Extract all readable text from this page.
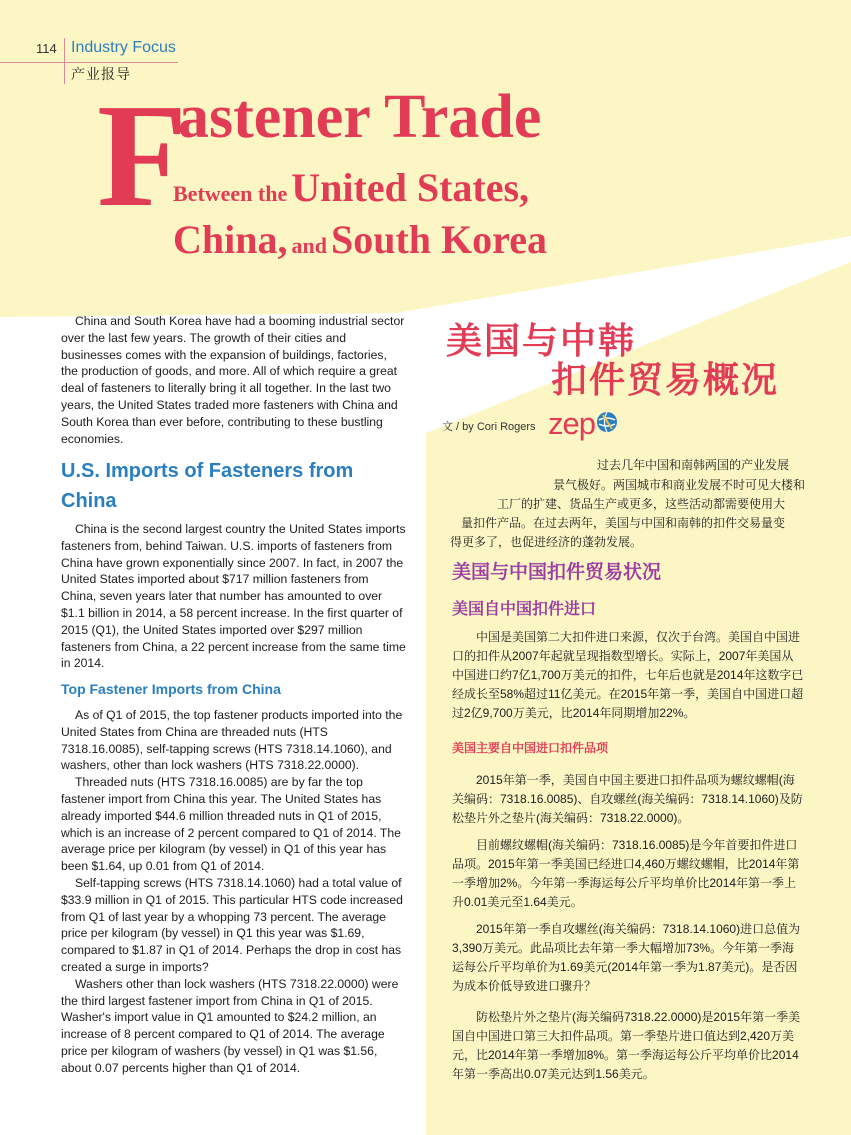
114 Industry Focus
产业报导
F
astener Trade
Between the United States,
China, and South Korea

China and South Korea have had a booming industrial sector over the last few years. The growth of their cities and businesses comes with the expansion of buildings, factories, the production of goods, and more. All of which require a great deal of fasteners to literally bring it all together. In the last two years, the United States traded more fasteners with China and South Korea than ever before, contributing to these bustling economies.

U.S. Imports of Fasteners from China

China is the second largest country the United States imports fasteners from, behind Taiwan. U.S. imports of fasteners from China have grown exponentially since 2007. In fact, in 2007 the United States imported about $717 million fasteners from China, seven years later that number has amounted to over $1.1 billion in 2014, a 58 percent increase. In the first quarter of 2015 (Q1), the United States imported over $297 million fasteners from China, a 22 percent increase from the same time in 2014.

Top Fastener Imports from China

As of Q1 of 2015, the top fastener products imported into the United States from China are threaded nuts (HTS 7318.16.0085), self-tapping screws (HTS 7318.14.1060), and washers, other than lock washers (HTS 7318.22.0000).

Threaded nuts (HTS 7318.16.0085) are by far the top fastener import from China this year. The United States has already imported $44.6 million threaded nuts in Q1 of 2015, which is an increase of 2 percent compared to Q1 of 2014. The average price per kilogram (by vessel) in Q1 of this year has been $1.64, up 0.01 from Q1 of 2014.

Self-tapping screws (HTS 7318.14.1060) had a total value of $33.9 million in Q1 of 2015. This particular HTS code increased from Q1 of last year by a whopping 73 percent. The average price per kilogram (by vessel) in Q1 this year was $1.69, compared to $1.87 in Q1 of 2014. Perhaps the drop in cost has created a surge in imports?

Washers other than lock washers (HTS 7318.22.0000) were the third largest fastener import from China in Q1 of 2015. Washer's import value in Q1 amounted to $24.2 million, an increase of 8 percent compared to Q1 of 2014. The average price per kilogram of washers (by vessel) in Q1 was $1.56, about 0.07 percents higher than Q1 of 2014.

美国与中韩
扣件贸易概况
文 / by Cori Rogers zep
过去几年中国和南韩两国的产业发展
景气极好。两国城市和商业发展不时可见大楼和
工厂的扩建、货品生产或更多，这些活动都需要使用大
量扣件产品。在过去两年，美国与中国和南韩的扣件交易量变
得更多了，也促进经济的蓬勃发展。
美国与中国扣件贸易状况
美国自中国扣件进口

中国是美国第二大扣件进口来源，仅次于台湾。美国自中国进口的扣件从2007年起就呈现指数型增长。实际上，2007年美国从中国进口约7亿1,700万美元的扣件，七年后也就是2014年这数字已经成长至58%超过11亿美元。在2015年第一季，美国自中国进口超过2亿9,700万美元，比2014年同期增加22%。

美国主要自中国进口扣件品项

2015年第一季，美国自中国主要进口扣件品项为螺纹螺帽(海关编码：7318.16.0085)、自攻螺丝(海关编码：7318.14.1060)及防松垫片外之垫片(海关编码：7318.22.0000)。

目前螺纹螺帽(海关编码：7318.16.0085)是今年首要扣件进口品项。2015年第一季美国已经进口4,460万螺纹螺帽，比2014年第一季增加2%。今年第一季海运每公斤平均单价比2014年第一季上升0.01美元至1.64美元。

2015年第一季自攻螺丝(海关编码：7318.14.1060)进口总值为3,390万美元。此品项比去年第一季大幅增加73%。今年第一季海运每公斤平均单价为1.69美元(2014年第一季为1.87美元)。是否因为成本价低导致进口骤升？

防松垫片外之垫片(海关编码7318.22.0000)是2015年第一季美国自中国进口第三大扣件品项。第一季垫片进口值达到2,420万美元，比2014年第一季增加8%。第一季海运每公斤平均单价比2014年第一季高出0.07美元达到1.56美元。
